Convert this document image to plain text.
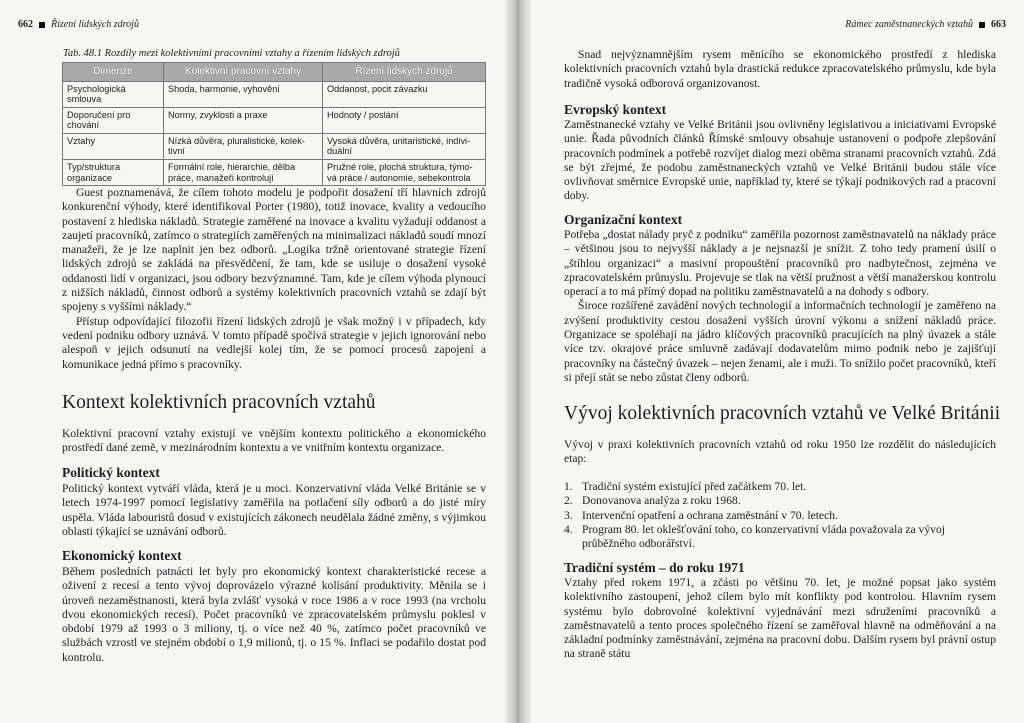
662 Řízení lidských zdrojů
Tab. 48.1 Rozdíly mezi kolektivními pracovními vztahy a řízením lidských zdrojů
Dimenze	Kolektivní pracovní vztahy	Řízení lidských zdrojů
Psychologická smlouva	Shoda, harmonie, vyhovění	Oddanost, pocit závazku
Doporučení pro chování	Normy, zvyklosti a praxe	Hodnoty / poslání
Vztahy	Nízká důvěra, pluralistické, kolek-tivní	Vysoká důvěra, unitaristické, indivi-duální
Typ/struktura organizace	Formální role, hierarchie, dělba práce, manažeři kontrolují	Pružné role, plochá struktura, týmo-vá práce / autonomie, sebekontrola

Guest poznamenává, že cílem tohoto modelu je podpořit dosažení tří hlavních zdrojů konkurenční výhody, které identifikoval Porter (1980), totiž inovace, kvality a vedoucího postavení z hlediska nákladů. Strategie zaměřené na inovace a kvalitu vyžadují oddanost a zaujetí pracovníků, zatímco o strategiích zaměřených na minimalizaci nákladů soudí mnozí manažeři, že je lze naplnit jen bez odborů. „Logika tržně orientované strategie řízení lidských zdrojů se zakládá na přesvědčení, že tam, kde se usiluje o dosažení vysoké oddanosti lidí v organizaci, jsou odbory bezvýznamné. Tam, kde je cílem výhoda plynoucí z nižších nákladů, činnost odborů a systémy kolektivních pracovních vztahů se zdají být spojeny s vyššími náklady.“

Přístup odpovídající filozofii řízení lidských zdrojů je však možný i v případech, kdy vedení podniku odbory uznává. V tomto případě spočívá strategie v jejich ignorování nebo alespoň v jejich odsunutí na vedlejší kolej tím, že se pomocí procesů zapojení a komunikace jedná přímo s pracovníky.

Kontext kolektivních pracovních vztahů

Kolektivní pracovní vztahy existují ve vnějším kontextu politického a ekonomického prostředí dané země, v mezinárodním kontextu a ve vnitřním kontextu organizace.

Politický kontext

Politický kontext vytváří vláda, která je u moci. Konzervativní vláda Velké Británie se v letech 1974-1997 pomocí legislativy zaměřila na potlačení síly odborů a do jisté míry uspěla. Vláda labouristů dosud v existujících zákonech neudělala žádné změny, s výjimkou oblasti týkající se uznávání odborů.

Ekonomický kontext

Během posledních patnácti let byly pro ekonomický kontext charakteristické recese a oživení z recesí a tento vývoj doprovázelo výrazné kolísání produktivity. Měnila se i úroveň nezaměstnanosti, která byla zvlášť vysoká v roce 1986 a v roce 1993 (na vrcholu dvou ekonomických recesí). Počet pracovníků ve zpracovatelském průmyslu poklesl v období 1979 až 1993 o 3 miliony, tj. o více než 40 %, zatímco počet pracovníků ve službách vzrostl ve stejném období o 1,9 milionů, tj. o 15 %. Inflaci se podařilo dostat pod kontrolu.

Rámec zaměstnaneckých vztahů 663

Snad nejvýznamnějším rysem měnícího se ekonomického prostředí z hlediska kolektivních pracovních vztahů byla drastická redukce zpracovatelského průmyslu, kde byla tradičně vysoká odborová organizovanost.

Evropský kontext

Zaměstnanecké vztahy ve Velké Británii jsou ovlivněny legislativou a iniciativami Evropské unie. Řada původních článků Římské smlouvy obsahuje ustanovení o podpoře zlepšování pracovních podmínek a potřebě rozvíjet dialog mezi oběma stranami pracovních vztahů. Zdá se být zřejmé, že podobu zaměstnaneckých vztahů ve Velké Británii budou stále více ovlivňovat směrnice Evropské unie, například ty, které se týkají podnikových rad a pracovní doby.

Organizační kontext

Potřeba „dostat nálady pryč z podniku“ zaměřila pozornost zaměstnavatelů na náklady práce – většinou jsou to nejvyšší náklady a je nejsnazší je snížit. Z toho tedy pramení úsilí o „štíhlou organizaci“ a masivní propouštění pracovníků pro nadbytečnost, zejména ve zpracovatelském průmyslu. Projevuje se tlak na větší pružnost a větší manažerskou kontrolu operací a to má přímý dopad na politiku zaměstnavatelů a na dohody s odbory.

Široce rozšířené zavádění nových technologií a informačních technologií je zaměřeno na zvýšení produktivity cestou dosažení vyšších úrovní výkonu a snížení nákladů práce. Organizace se spoléhají na jádro klíčových pracovníků pracujících na plný úvazek a stále více tzv. okrajové práce smluvně zadávají dodavatelům mimo podnik nebo je zajišťují pracovníky na částečný úvazek – nejen ženami, ale i muži. To snížilo počet pracovníků, kteří si přejí stát se nebo zůstat členy odborů.

Vývoj kolektivních pracovních vztahů ve Velké Británii

Vývoj v praxi kolektivních pracovních vztahů od roku 1950 lze rozdělit do následujících etap:

1. Tradiční systém existující před začátkem 70. let.
2. Donovanova analýza z roku 1968.
3. Intervenční opatření a ochrana zaměstnání v 70. letech.
4. Program 80. let oklešťování toho, co konzervativní vláda považovala za vývoj průběžného odborářství.
Tradiční systém – do roku 1971

Vztahy před rokem 1971, a zčásti po většinu 70. let, je možné popsat jako systém kolektivního zastoupení, jehož cílem bylo mít konflikty pod kontrolou. Hlavním rysem systému bylo dobrovolné kolektivní vyjednávání mezi sdruženími pracovníků a zaměstnavatelů a tento proces společného řízení se zaměřoval hlavně na odměňování a na základní podmínky zaměstnávání, zejména na pracovní dobu. Dalším rysem byl právní ostup na straně státu
